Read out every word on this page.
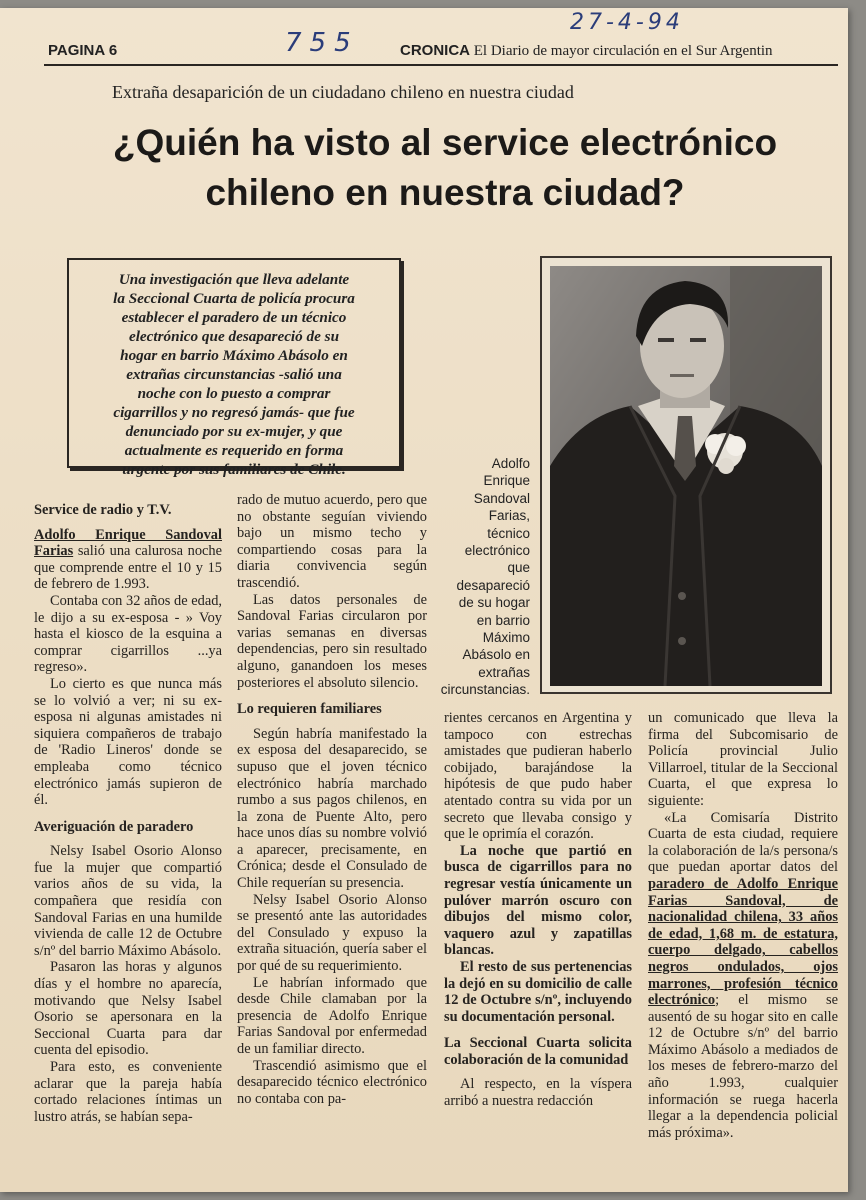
27-4-94
755
PAGINA 6	CRONICA El Diario de mayor circulación en el Sur Argentin
Extraña desaparición de un ciudadano chileno en nuestra ciudad
¿Quién ha visto al service electrónico
chileno en nuestra ciudad?
Una investigación que lleva adelante
la Seccional Cuarta de policía procura
establecer el paradero de un técnico
electrónico que desapareció de su
hogar en barrio Máximo Abásolo en
extrañas circunstancias -salió una
noche con lo puesto a comprar
cigarrillos y no regresó jamás- que fue
denunciado por su ex-mujer, y que
actualmente es requerido en forma
urgente por sus familiares de Chile.	Adolfo
Enrique
Sandoval
Farias,
técnico
electrónico
que
desapareció
de su hogar
en barrio
Máximo
Abásolo en
extrañas
circunstancias.
Service de radio y T.V.

Adolfo Enrique Sandoval Farias salió una calurosa noche que comprende entre el 10 y 15 de febrero de 1.993.

Contaba con 32 años de edad, le dijo a su ex-esposa - » Voy hasta el kiosco de la esquina a comprar cigarrillos ...ya regreso».

Lo cierto es que nunca más se lo volvió a ver; ni su ex-esposa ni algunas amistades ni siquiera compañeros de trabajo de 'Radio Lineros' donde se empleaba como técnico electrónico jamás supieron de él.

Averiguación de paradero

Nelsy Isabel Osorio Alonso fue la mujer que compartió varios años de su vida, la compañera que residía con Sandoval Farias en una humilde vivienda de calle 12 de Octubre s/nº del barrio Máximo Abásolo.

Pasaron las horas y algunos días y el hombre no aparecía, motivando que Nelsy Isabel Osorio se apersonara en la Seccional Cuarta para dar cuenta del episodio.

Para esto, es conveniente aclarar que la pareja había cortado relaciones íntimas un lustro atrás, se habían sepa-

rado de mutuo acuerdo, pero que no obstante seguían viviendo bajo un mismo techo y compartiendo cosas para la diaria convivencia según trascendió.

Las datos personales de Sandoval Farias circularon por varias semanas en diversas dependencias, pero sin resultado alguno, ganandoen los meses posteriores el absoluto silencio.

Lo requieren familiares

Según habría manifestado la ex esposa del desaparecido, se supuso que el joven técnico electrónico habría marchado rumbo a sus pagos chilenos, en la zona de Puente Alto, pero hace unos días su nombre volvió a aparecer, precisamente, en Crónica; desde el Consulado de Chile requerían su presencia.

Nelsy Isabel Osorio Alonso se presentó ante las autoridades del Consulado y expuso la extraña situación, quería saber el por qué de su requerimiento.

Le habrían informado que desde Chile clamaban por la presencia de Adolfo Enrique Farias Sandoval por enfermedad de un familiar directo.

Trascendió asimismo que el desaparecido técnico electrónico no contaba con pa-

rientes cercanos en Argentina y tampoco con estrechas amistades que pudieran haberlo cobijado, barajándose la hipótesis de que pudo haber atentado contra su vida por un secreto que llevaba consigo y que le oprimía el corazón.

La noche que partió en busca de cigarrillos para no regresar vestía únicamente un pulóver marrón oscuro con dibujos del mismo color, vaquero azul y zapatillas blancas.

El resto de sus pertenencias la dejó en su domicilio de calle 12 de Octubre s/nº, incluyendo su documentación personal.

La Seccional Cuarta solicita colaboración de la comunidad

Al respecto, en la víspera arribó a nuestra redacción

un comunicado que lleva la firma del Subcomisario de Policía provincial Julio Villarroel, titular de la Seccional Cuarta, el que expresa lo siguiente:

«La Comisaría Distrito Cuarta de esta ciudad, requiere la colaboración de la/s persona/s que puedan aportar datos del paradero de Adolfo Enrique Farias Sandoval, de nacionalidad chilena, 33 años de edad, 1,68 m. de estatura, cuerpo delgado, cabellos negros ondulados, ojos marrones, profesión técnico electrónico; el mismo se ausentó de su hogar sito en calle 12 de Octubre s/nº del barrio Máximo Abásolo a mediados de los meses de febrero-marzo del año 1.993, cualquier información se ruega hacerla llegar a la dependencia policial más próxima».
